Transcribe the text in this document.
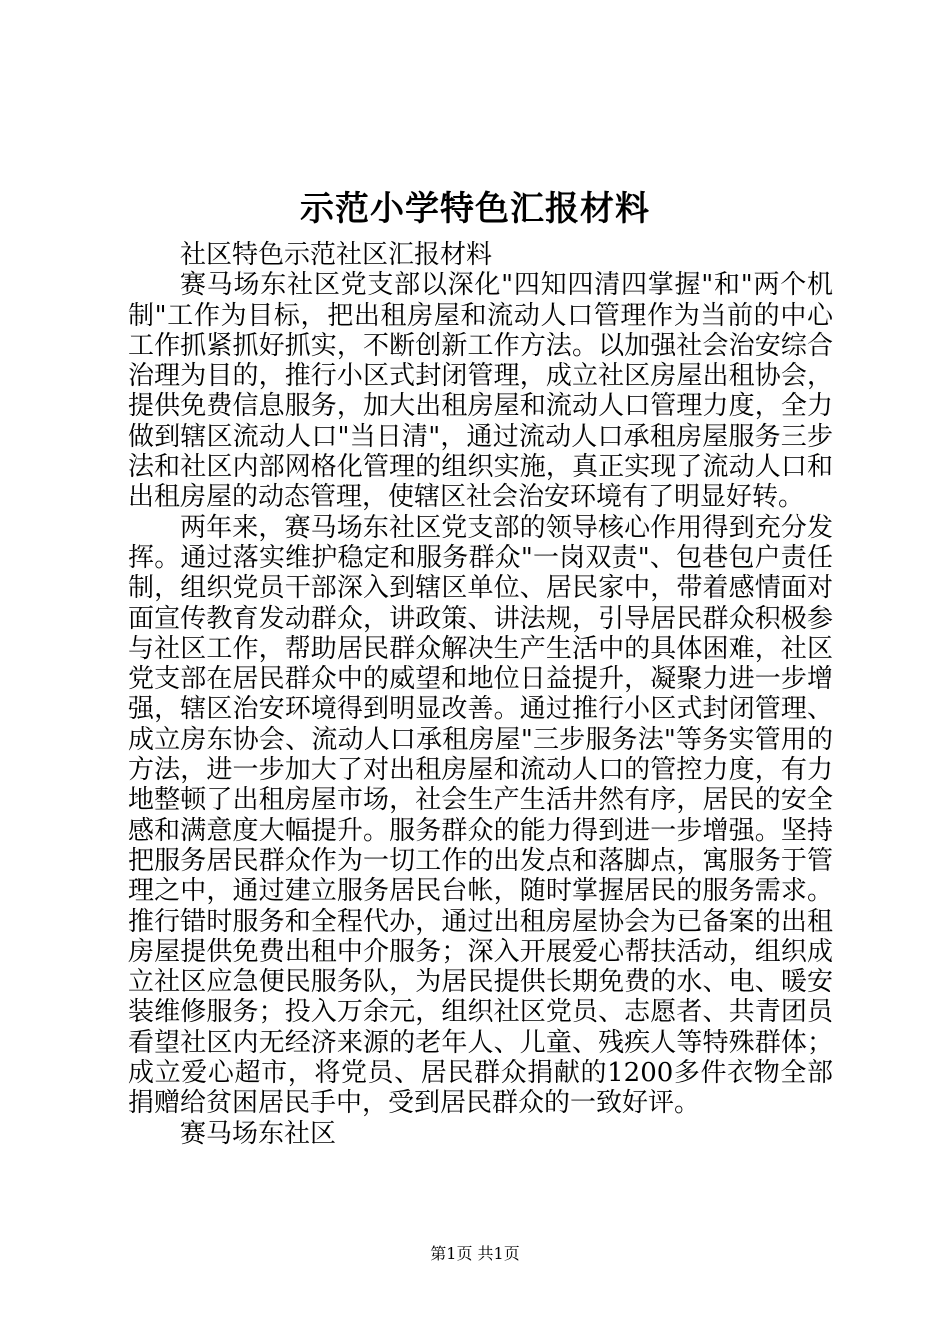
示范小学特色汇报材料

社区特色示范社区汇报材料

赛马场东社区党支部以深化"四知四清四掌握"和"两个机制"工作为目标，把出租房屋和流动人口管理作为当前的中心工作抓紧抓好抓实，不断创新工作方法。以加强社会治安综合治理为目的，推行小区式封闭管理，成立社区房屋出租协会，提供免费信息服务，加大出租房屋和流动人口管理力度，全力做到辖区流动人口"当日清"，通过流动人口承租房屋服务三步法和社区内部网格化管理的组织实施，真正实现了流动人口和出租房屋的动态管理，使辖区社会治安环境有了明显好转。

两年来，赛马场东社区党支部的领导核心作用得到充分发挥。通过落实维护稳定和服务群众"一岗双责"、包巷包户责任制，组织党员干部深入到辖区单位、居民家中，带着感情面对面宣传教育发动群众，讲政策、讲法规，引导居民群众积极参与社区工作，帮助居民群众解决生产生活中的具体困难，社区党支部在居民群众中的威望和地位日益提升，凝聚力进一步增强，辖区治安环境得到明显改善。通过推行小区式封闭管理、成立房东协会、流动人口承租房屋"三步服务法"等务实管用的方法，进一步加大了对出租房屋和流动人口的管控力度，有力地整顿了出租房屋市场，社会生产生活井然有序，居民的安全感和满意度大幅提升。服务群众的能力得到进一步增强。坚持把服务居民群众作为一切工作的出发点和落脚点，寓服务于管理之中，通过建立服务居民台帐，随时掌握居民的服务需求。推行错时服务和全程代办，通过出租房屋协会为已备案的出租房屋提供免费出租中介服务；深入开展爱心帮扶活动，组织成立社区应急便民服务队，为居民提供长期免费的水、电、暖安装维修服务；投入万余元，组织社区党员、志愿者、共青团员看望社区内无经济来源的老年人、儿童、残疾人等特殊群体；成立爱心超市，将党员、居民群众捐献的1200多件衣物全部捐赠给贫困居民手中，受到居民群众的一致好评。

赛马场东社区

第1页 共1页
